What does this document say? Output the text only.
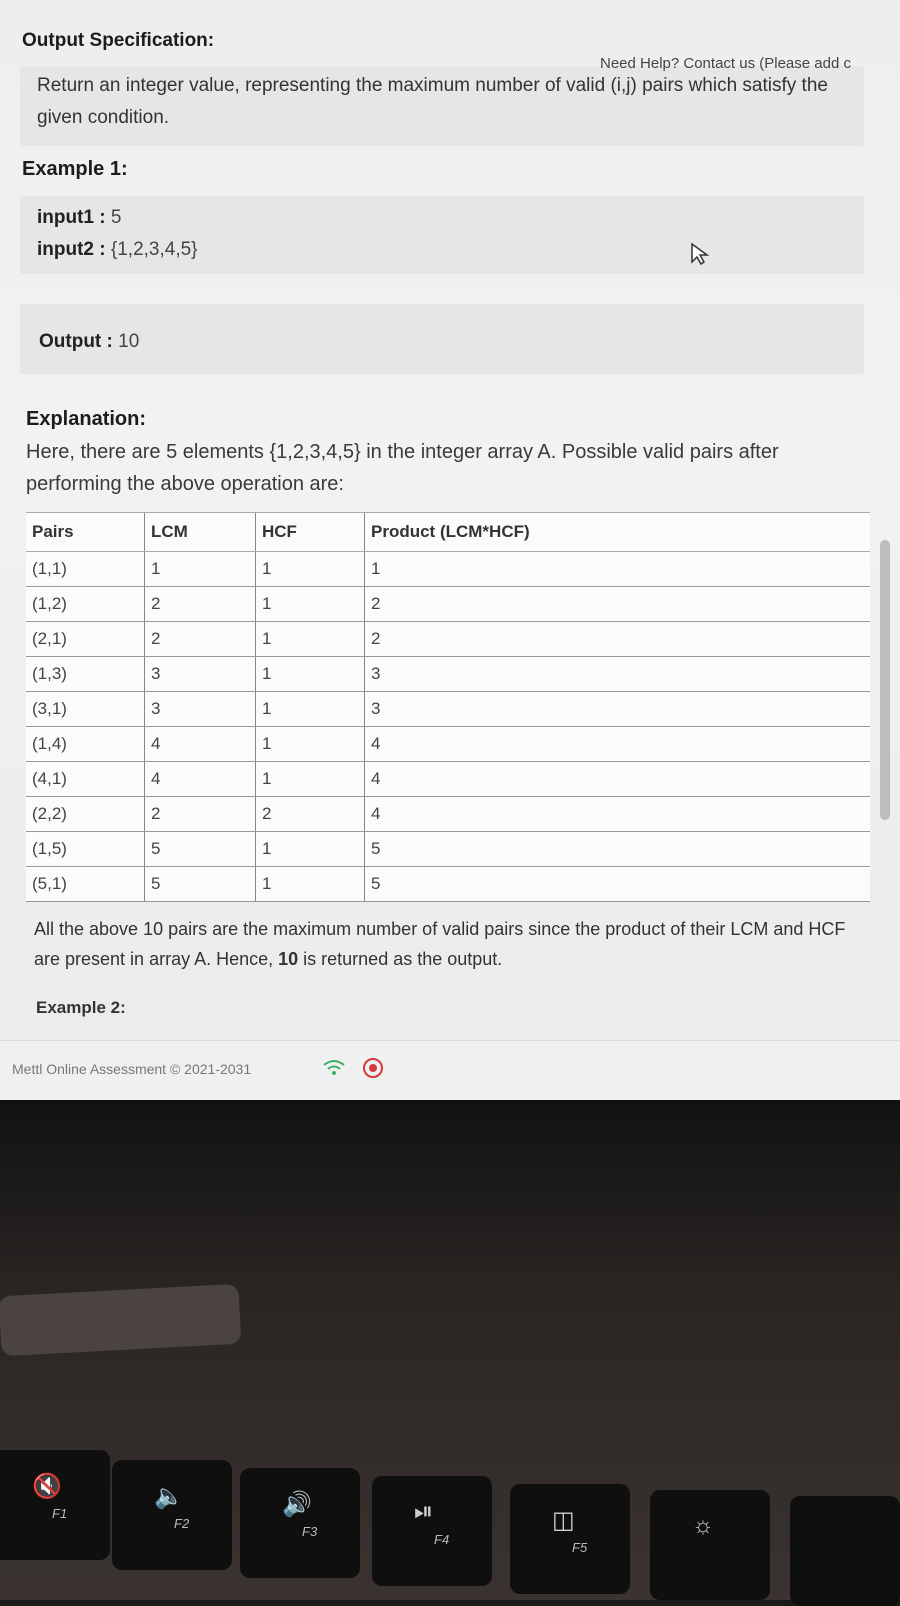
Output Specification:
Return an integer value, representing the maximum number of valid (i,j) pairs which satisfy the given condition.
Example 1:
input1 : 5
input2 : {1,2,3,4,5}
Output : 10
Explanation:
Here, there are 5 elements {1,2,3,4,5} in the integer array A. Possible valid pairs after performing the above operation are:
Pairs	LCM	HCF	Product (LCM*HCF)
(1,1)	1	1	1
(1,2)	2	1	2
(2,1)	2	1	2
(1,3)	3	1	3
(3,1)	3	1	3
(1,4)	4	1	4
(4,1)	4	1	4
(2,2)	2	2	4
(1,5)	5	1	5
(5,1)	5	1	5
All the above 10 pairs are the maximum number of valid pairs since the product of their LCM and HCF are present in array A. Hence, 10 is returned as the output.
Example 2:
Mettl Online Assessment © 2021-2031
Need Help? Contact us (Please add c
🔇
F1
🔈
F2
🔊
F3
⏯
F4
◫
F5
☼
